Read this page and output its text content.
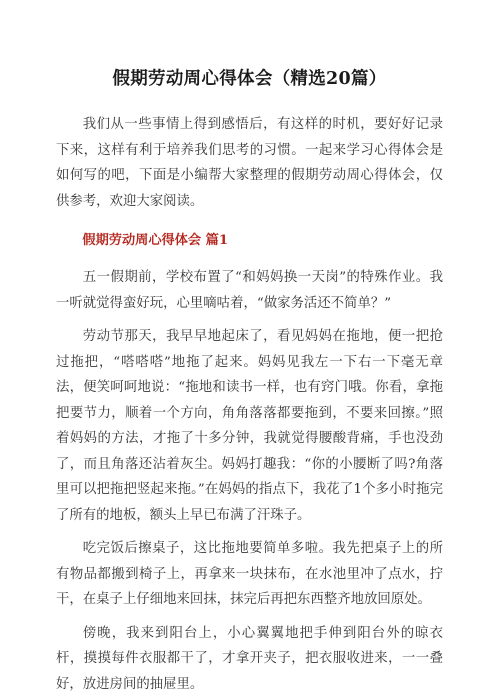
假期劳动周心得体会（精选20篇）

我们从一些事情上得到感悟后，有这样的时机，要好好记录下来，这样有利于培养我们思考的习惯。一起来学习心得体会是如何写的吧，下面是小编帮大家整理的假期劳动周心得体会，仅供参考，欢迎大家阅读。

假期劳动周心得体会 篇1

五一假期前，学校布置了“和妈妈换一天岗”的特殊作业。我一听就觉得蛮好玩，心里嘀咕着，“做家务活还不简单？”

劳动节那天，我早早地起床了，看见妈妈在拖地，便一把抢过拖把，“嗒嗒嗒”地拖了起来。妈妈见我左一下右一下毫无章法，便笑呵呵地说：“拖地和读书一样，也有窍门哦。你看，拿拖把要节力，顺着一个方向，角角落落都要拖到，不要来回擦。”照着妈妈的方法，才拖了十多分钟，我就觉得腰酸背痛，手也没劲了，而且角落还沾着灰尘。妈妈打趣我：“你的小腰断了吗?角落里可以把拖把竖起来拖。”在妈妈的指点下，我花了1个多小时拖完了所有的地板，额头上早已布满了汗珠子。

吃完饭后擦桌子，这比拖地要简单多啦。我先把桌子上的所有物品都搬到椅子上，再拿来一块抹布，在水池里冲了点水，拧干，在桌子上仔细地来回抹，抹完后再把东西整齐地放回原处。

傍晚，我来到阳台上，小心翼翼地把手伸到阳台外的晾衣杆，摸摸每件衣服都干了，才拿开夹子，把衣服收进来，一一叠好，放进房间的抽屉里。
